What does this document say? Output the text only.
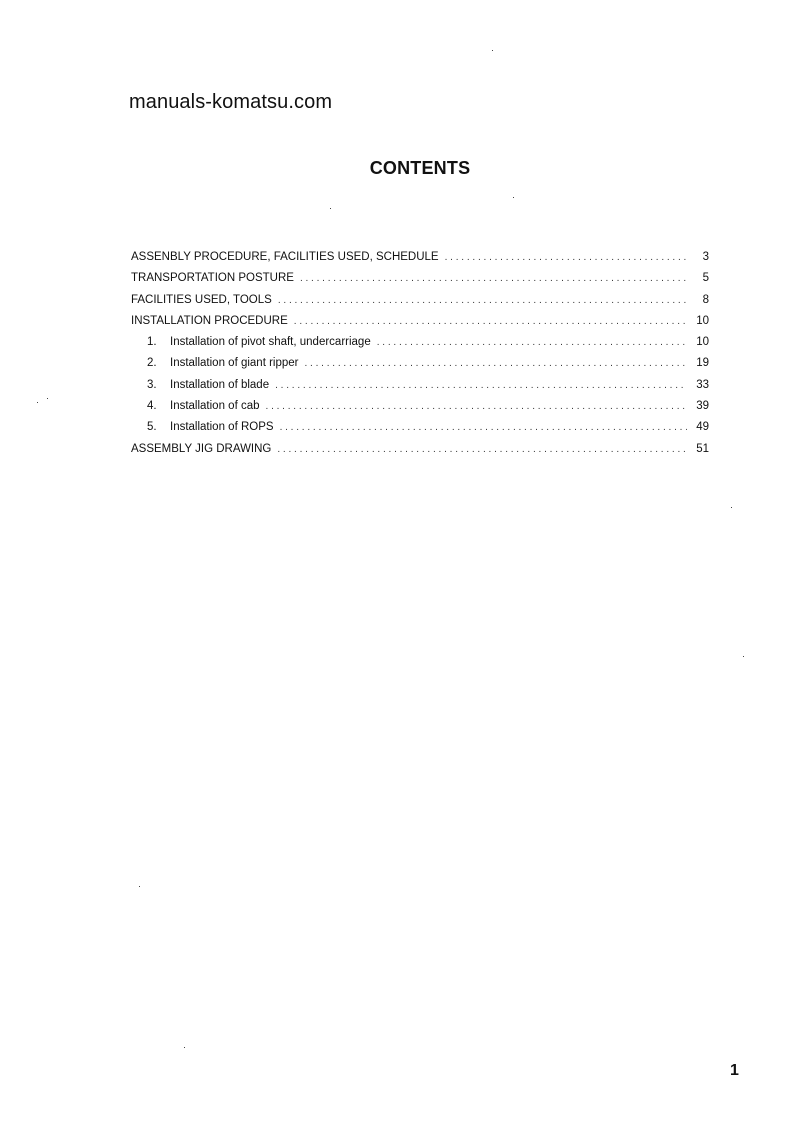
manuals-komatsu.com
CONTENTS
ASSENBLY PROCEDURE, FACILITIES USED, SCHEDULE . . .	3
TRANSPORTATION POSTURE . . .	5
FACILITIES USED, TOOLS . . .	8
INSTALLATION PROCEDURE . . .	10
1.	Installation of pivot shaft, undercarriage . . .	10
2.	Installation of giant ripper . . .	19
3.	Installation of blade . . .	33
4.	Installation of cab . . .	39
5.	Installation of ROPS . . .	49
ASSEMBLY JIG DRAWING . . .	51
1
